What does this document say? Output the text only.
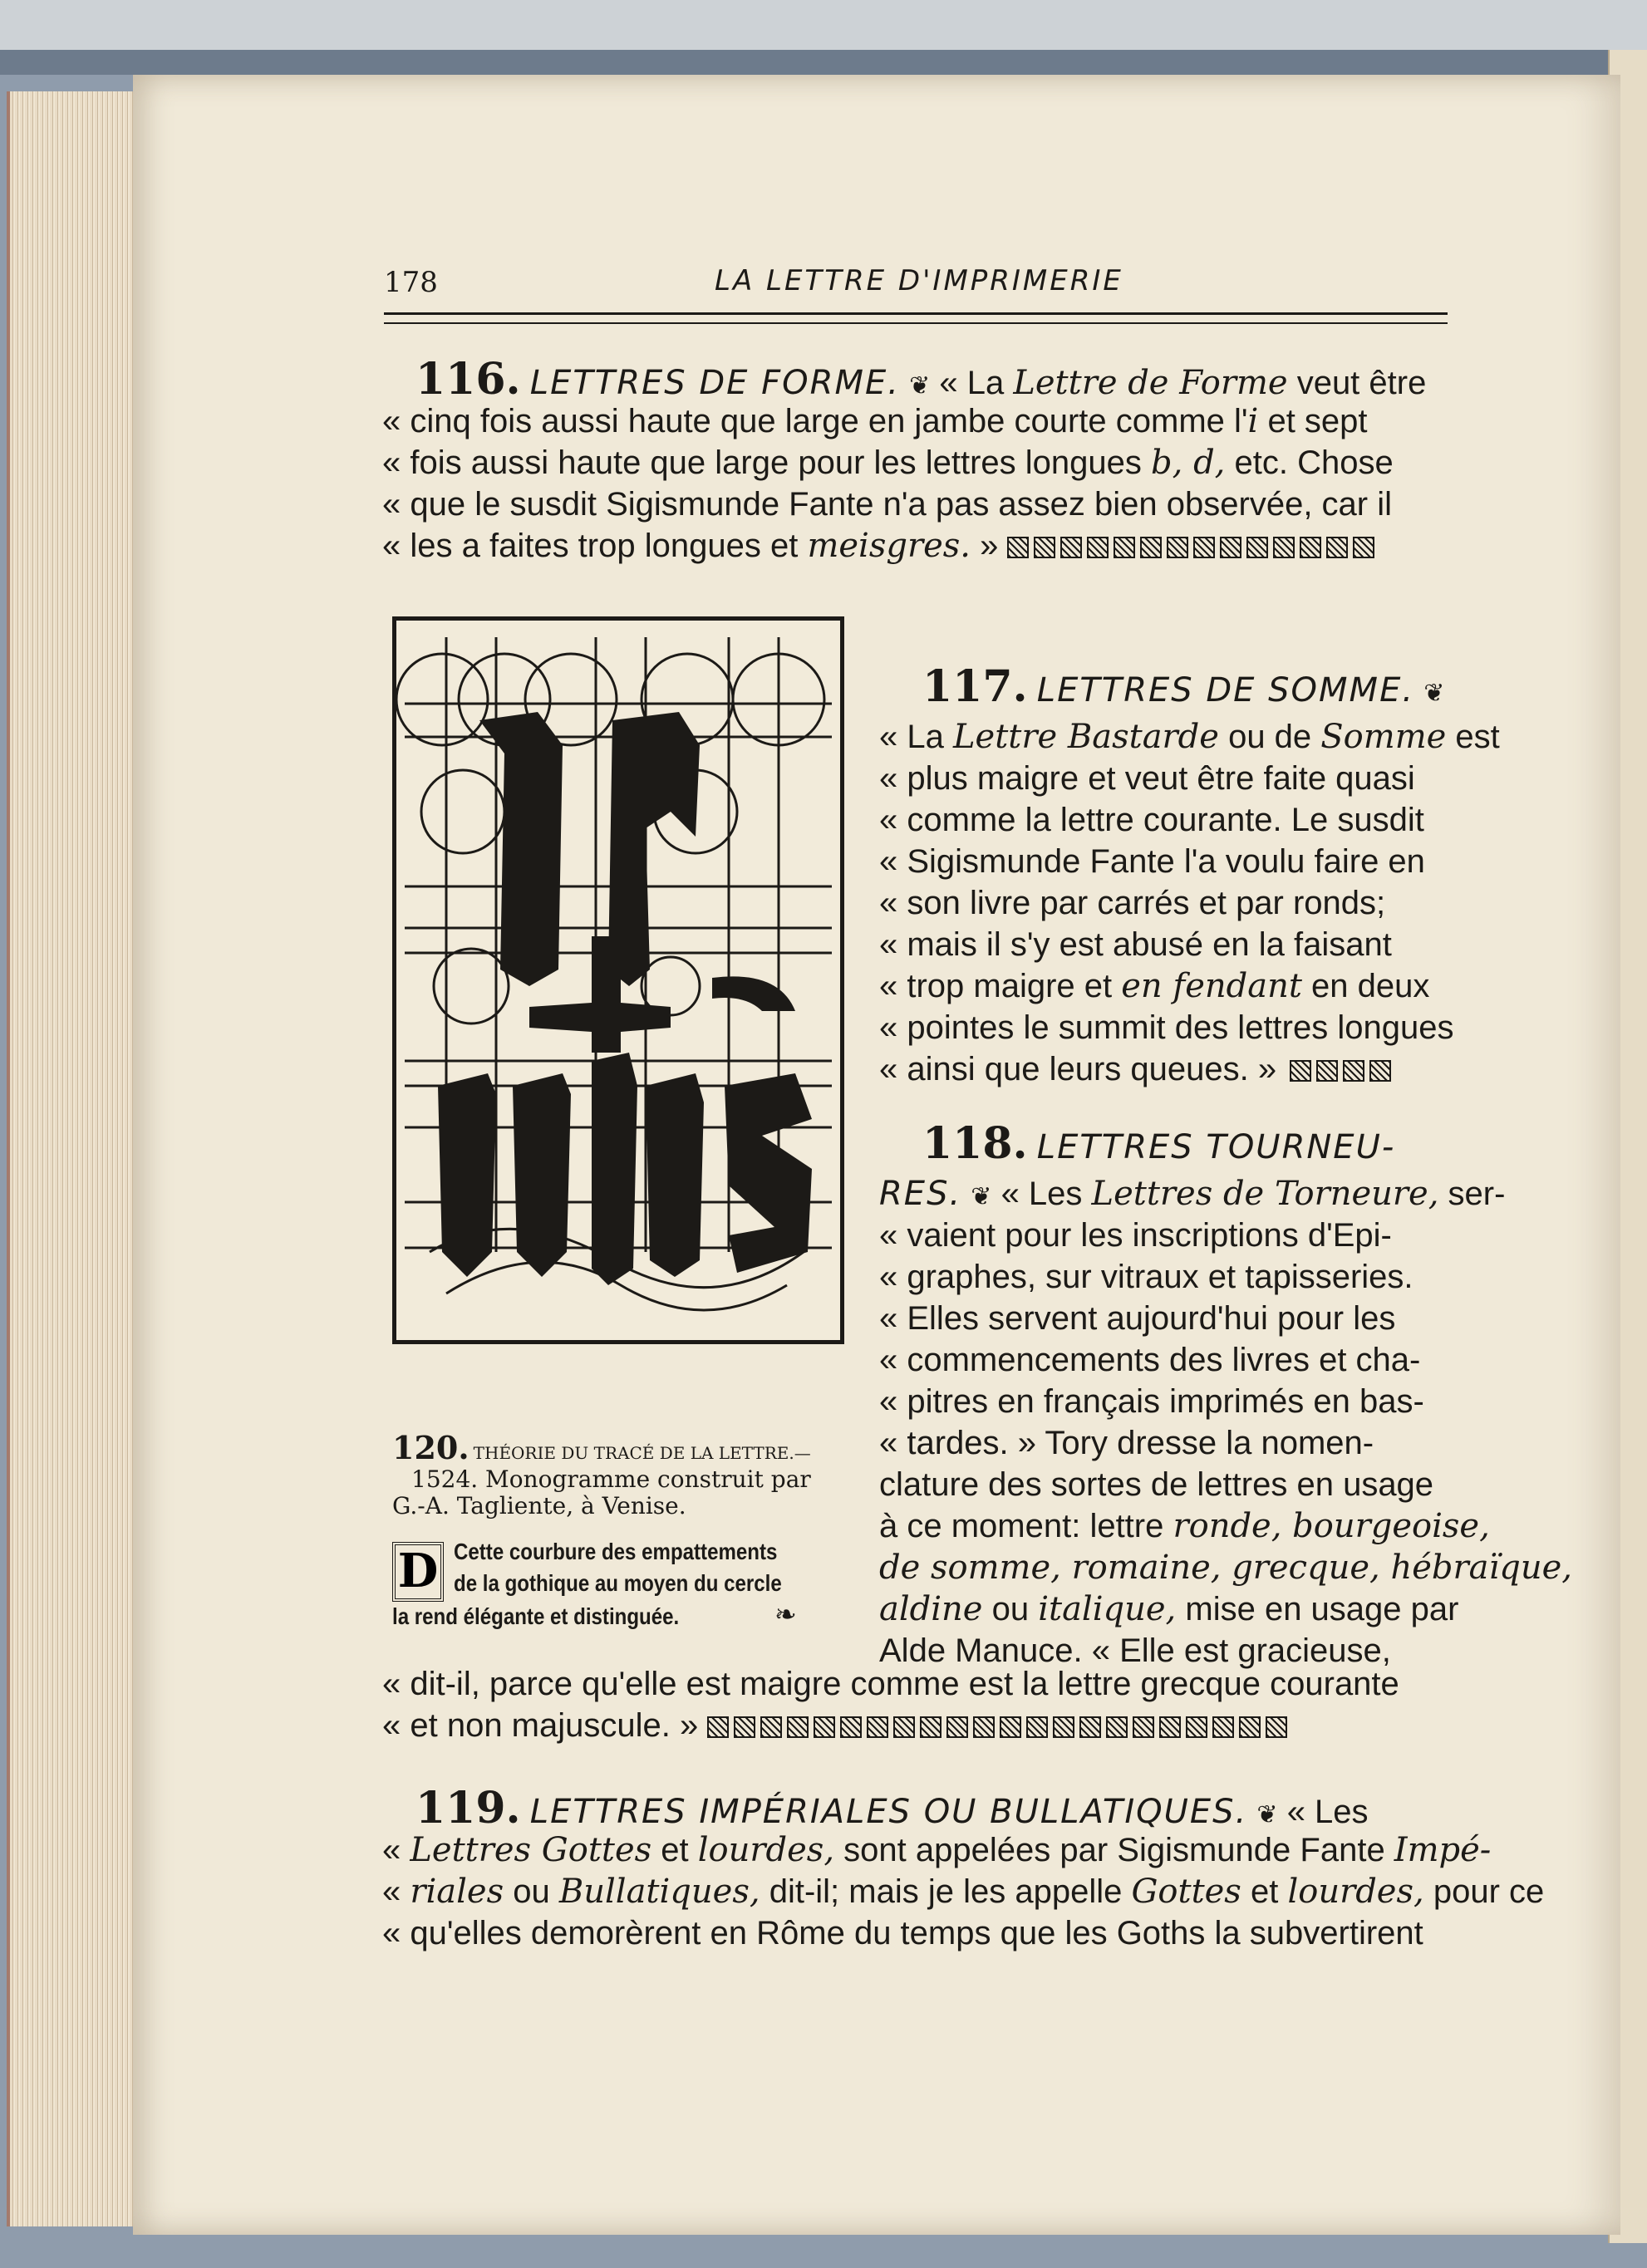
178	LA LETTRE D'IMPRIMERIE
116. LETTRES DE FORME. ❦ « La Lettre de Forme veut être
« cinq fois aussi haute que large en jambe courte comme l'i et sept
« fois aussi haute que large pour les lettres longues b, d, etc. Chose
« que le susdit Sigismunde Fante n'a pas assez bien observée, car il
« les a faites trop longues et meisgres. »
120. THÉORIE DU TRACÉ DE LA LETTRE.—
1524. Monogramme construit par
G.-A. Tagliente, à Venise.
D Cette courbure des empattements
de la gothique au moyen du cercle
la rend élégante et distinguée.	❧
117. LETTRES DE SOMME. ❦
« La Lettre Bastarde ou de Somme est
« plus maigre et veut être faite quasi
« comme la lettre courante. Le susdit
« Sigismunde Fante l'a voulu faire en
« son livre par carrés et par ronds;
« mais il s'y est abusé en la faisant
« trop maigre et en fendant en deux
« pointes le summit des lettres longues
« ainsi que leurs queues. »
118. LETTRES TOURNEU-
RES. ❦ « Les Lettres de Torneure, ser-
« vaient pour les inscriptions d'Epi-
« graphes, sur vitraux et tapisseries.
« Elles servent aujourd'hui pour les
« commencements des livres et cha-
« pitres en français imprimés en bas-
« tardes. » Tory dresse la nomen-
clature des sortes de lettres en usage
à ce moment: lettre ronde, bourgeoise,
de somme, romaine, grecque, hébraïque,
aldine ou italique, mise en usage par
Alde Manuce. « Elle est gracieuse,
« dit-il, parce qu'elle est maigre comme est la lettre grecque courante
« et non majuscule. »
119. LETTRES IMPÉRIALES OU BULLATIQUES. ❦ « Les
« Lettres Gottes et lourdes, sont appelées par Sigismunde Fante Impé-
« riales ou Bullatiques, dit-il; mais je les appelle Gottes et lourdes, pour ce
« qu'elles demorèrent en Rôme du temps que les Goths la subvertirent
